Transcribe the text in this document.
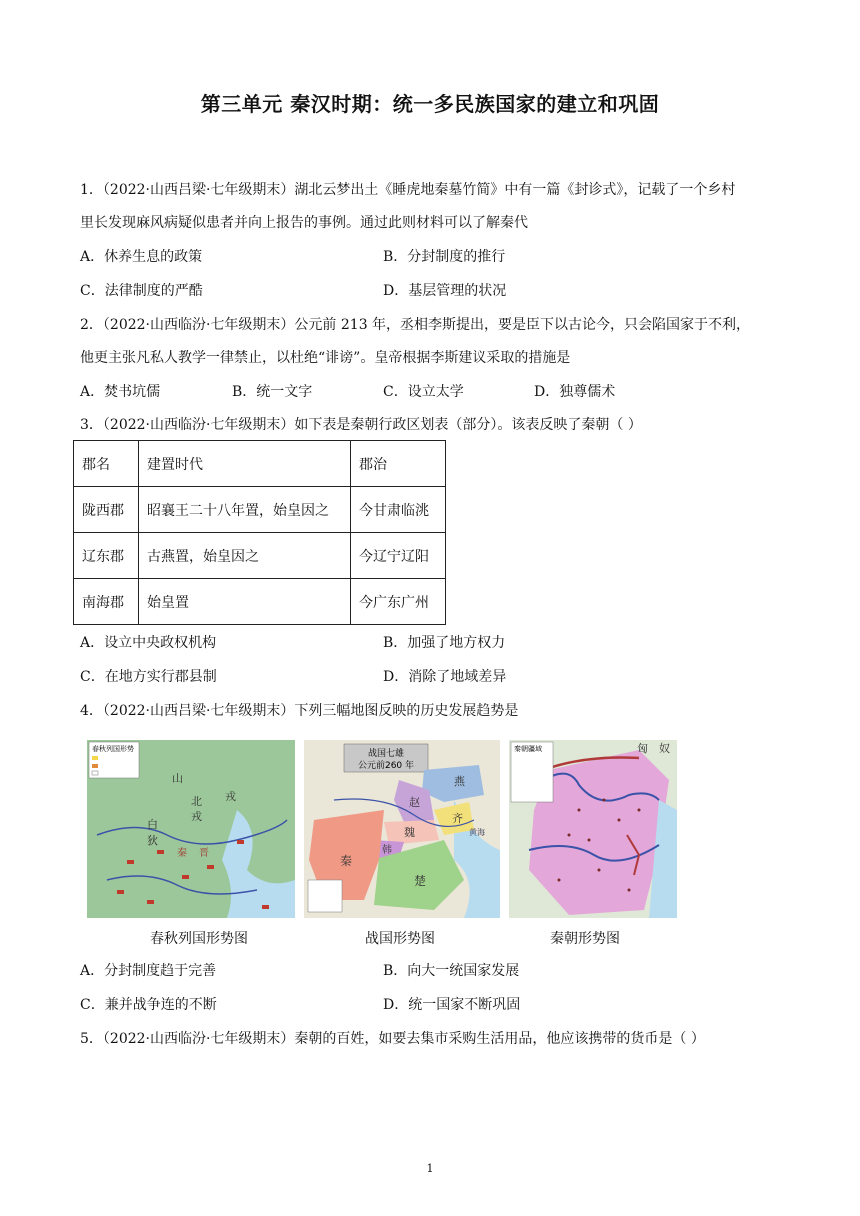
第三单元 秦汉时期：统一多民族国家的建立和巩固
1．（2022·山西吕梁·七年级期末）湖北云梦出土《睡虎地秦墓竹简》中有一篇《封诊式》，记载了一个乡村
里长发现麻风病疑似患者并向上报告的事例。通过此则材料可以了解秦代
A．休养生息的政策	B．分封制度的推行
C．法律制度的严酷	D．基层管理的状况
2．（2022·山西临汾·七年级期末）公元前 213 年，丞相李斯提出，要是臣下以古论今，只会陷国家于不利，
他更主张凡私人教学一律禁止，以杜绝“诽谤”。皇帝根据李斯建议采取的措施是
A．焚书坑儒	B．统一文字	C．设立太学	D．独尊儒术
3．（2022·山西临汾·七年级期末）如下表是秦朝行政区划表（部分）。该表反映了秦朝（ ）
郡名	建置时代	郡治
陇西郡	昭襄王二十八年置，始皇因之	今甘肃临洮
辽东郡	古燕置，始皇因之	今辽宁辽阳
南海郡	始皇置	今广东广州
A．设立中央政权机构	B．加强了地方权力
C．在地方实行郡县制	D．消除了地域差异
4．（2022·山西吕梁·七年级期末）下列三幅地图反映的历史发展趋势是
春秋列国形势
山
戎
北
戎
白
狄
秦 晋
战国七雄
公元前260 年
燕
赵
齐
魏
韩
秦
楚
黄海
秦朝疆域	匈 奴
春秋列国形势图	战国形势图	秦朝形势图
A．分封制度趋于完善	B．向大一统国家发展
C．兼并战争连的不断	D．统一国家不断巩固
5．（2022·山西临汾·七年级期末）秦朝的百姓，如要去集市采购生活用品，他应该携带的货币是（ ）
1
